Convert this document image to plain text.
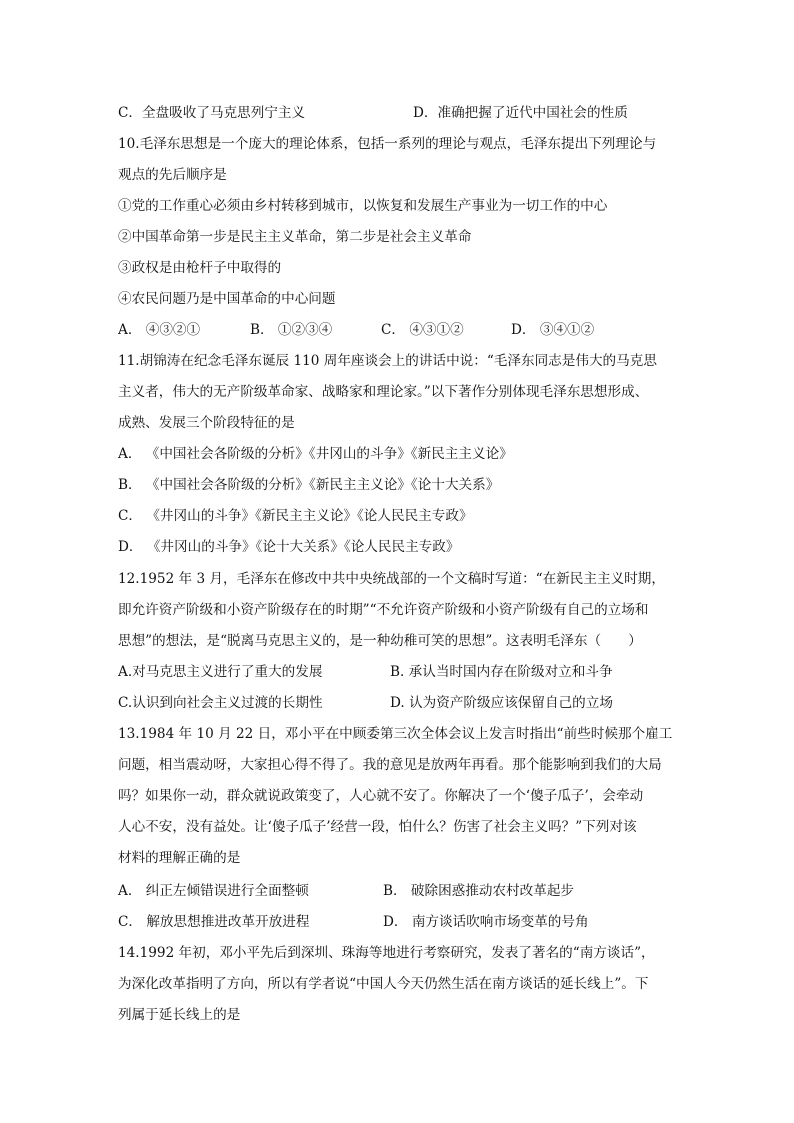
C．全盘吸收了马克思列宁主义	D．准确把握了近代中国社会的性质
10.毛泽东思想是一个庞大的理论体系，包括一系列的理论与观点，毛泽东提出下列理论与
观点的先后顺序是
①党的工作重心必须由乡村转移到城市，以恢复和发展生产事业为一切工作的中心
②中国革命第一步是民主主义革命，第二步是社会主义革命
③政权是由枪杆子中取得的
④农民问题乃是中国革命的中心问题
A． ④③②①	B． ①②③④	C． ④③①②	D． ③④①②
11.胡锦涛在纪念毛泽东诞辰 110 周年座谈会上的讲话中说：“毛泽东同志是伟大的马克思
主义者，伟大的无产阶级革命家、战略家和理论家。”以下著作分别体现毛泽东思想形成、
成熟、发展三个阶段特征的是
A． 《中国社会各阶级的分析》《井冈山的斗争》《新民主主义论》
B． 《中国社会各阶级的分析》《新民主主义论》《论十大关系》
C． 《井冈山的斗争》《新民主主义论》《论人民民主专政》
D． 《井冈山的斗争》《论十大关系》《论人民民主专政》
12.1952 年 3 月，毛泽东在修改中共中央统战部的一个文稿时写道：“在新民主主义时期，
即允许资产阶级和小资产阶级存在的时期”“不允许资产阶级和小资产阶级有自己的立场和
思想”的想法，是“脱离马克思主义的，是一种幼稚可笑的思想”。这表明毛泽东（　　）
A.对马克思主义进行了重大的发展	B. 承认当时国内存在阶级对立和斗争
C.认识到向社会主义过渡的长期性	D. 认为资产阶级应该保留自己的立场
13.1984 年 10 月 22 日，邓小平在中顾委第三次全体会议上发言时指出“前些时候那个雇工
问题，相当震动呀，大家担心得不得了。我的意见是放两年再看。那个能影响到我们的大局
吗？如果你一动，群众就说政策变了，人心就不安了。你解决了一个‘傻子瓜子’，会牵动
人心不安，没有益处。让‘傻子瓜子’经营一段，怕什么？伤害了社会主义吗？”下列对该
材料的理解正确的是
A． 纠正左倾错误进行全面整顿	B． 破除困惑推动农村改革起步
C． 解放思想推进改革开放进程	D． 南方谈话吹响市场变革的号角
14.1992 年初，邓小平先后到深圳、珠海等地进行考察研究，发表了著名的“南方谈话”，
为深化改革指明了方向，所以有学者说“中国人今天仍然生活在南方谈话的延长线上”。下
列属于延长线上的是
